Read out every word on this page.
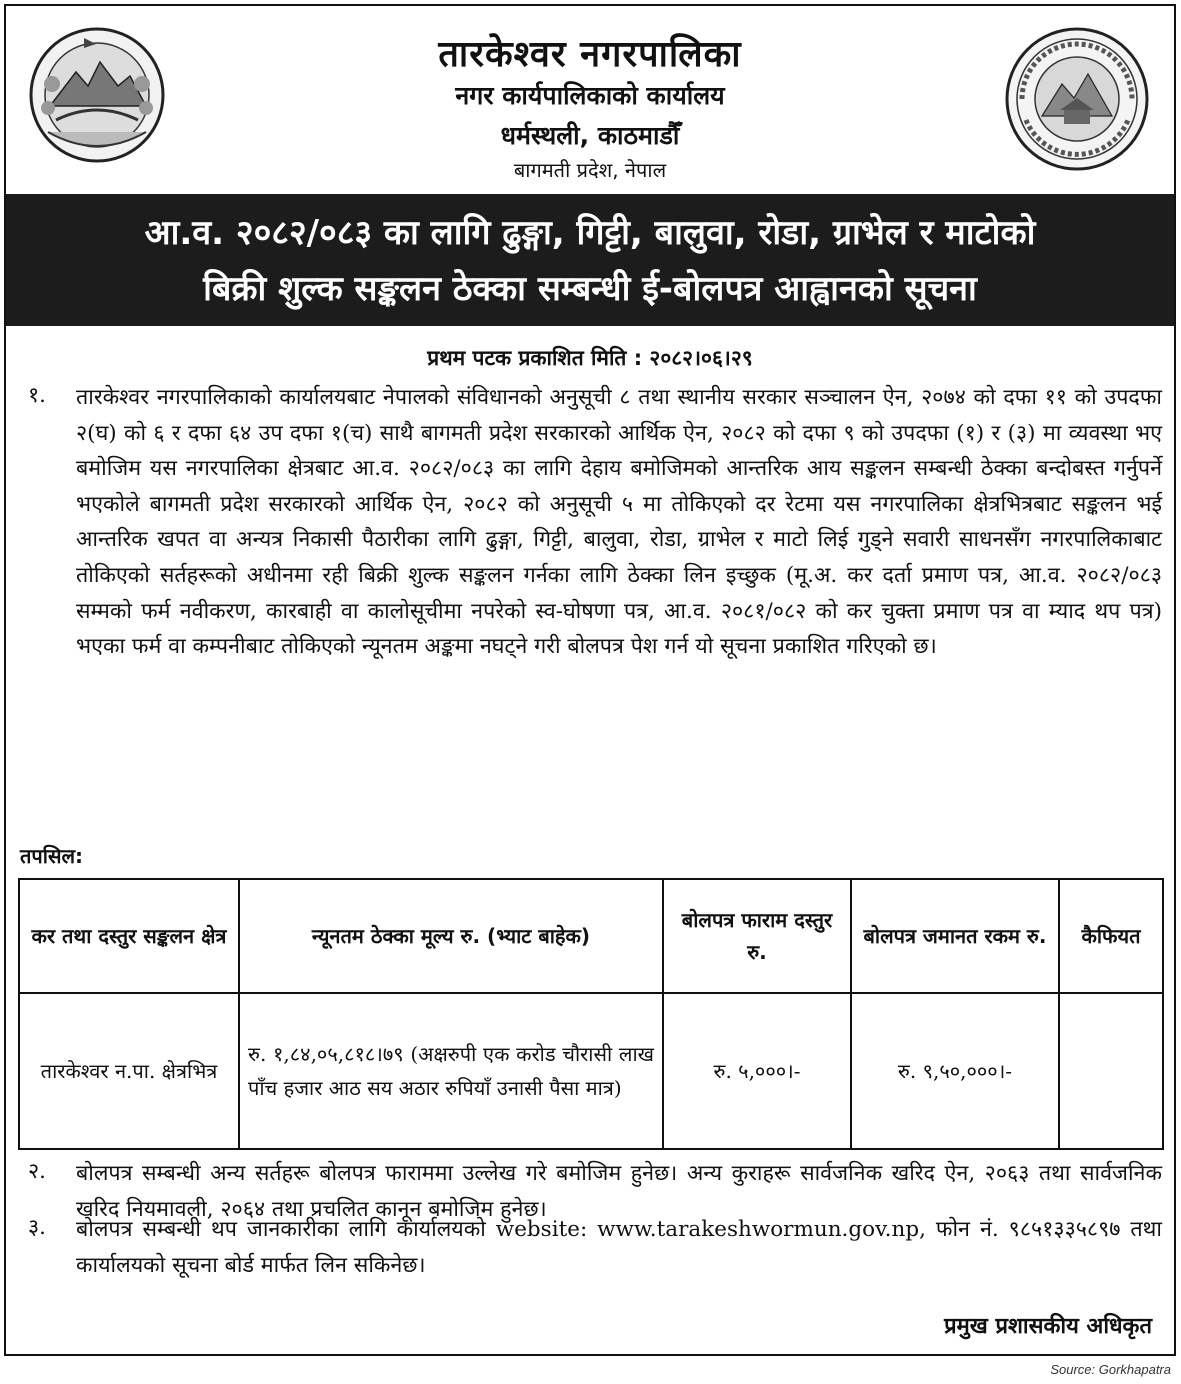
तारकेश्वर नगरपालिका

नगर कार्यपालिकाको कार्यालय

धर्मस्थली, काठमाडौँ

बागमती प्रदेश, नेपाल

आ.व. २०८२/०८३ का लागि ढुङ्गा, गिट्टी, बालुवा, रोडा, ग्राभेल र माटोको

बिक्री शुल्क सङ्कलन ठेक्का सम्बन्धी ई-बोलपत्र आह्वानको सूचना

प्रथम पटक प्रकाशित मिति : २०८२।०६।२९

१. तारकेश्वर नगरपालिकाको कार्यालयबाट नेपालको संविधानको अनुसूची ८ तथा स्थानीय सरकार सञ्चालन ऐन, २०७४ को दफा ११ को उपदफा २(घ) को ६ र दफा ६४ उप दफा १(च) साथै बागमती प्रदेश सरकारको आर्थिक ऐन, २०८२ को दफा ९ को उपदफा (१) र (३) मा व्यवस्था भए बमोजिम यस नगरपालिका क्षेत्रबाट आ.व. २०८२/०८३ का लागि देहाय बमोजिमको आन्तरिक आय सङ्कलन सम्बन्धी ठेक्का बन्दोबस्त गर्नुपर्ने भएकोले बागमती प्रदेश सरकारको आर्थिक ऐन, २०८२ को अनुसूची ५ मा तोकिएको दर रेटमा यस नगरपालिका क्षेत्रभित्रबाट सङ्कलन भई आन्तरिक खपत वा अन्यत्र निकासी पैठारीका लागि ढुङ्गा, गिट्टी, बालुवा, रोडा, ग्राभेल र माटो लिई गुड्ने सवारी साधनसँग नगरपालिकाबाट तोकिएको सर्तहरूको अधीनमा रही बिक्री शुल्क सङ्कलन गर्नका लागि ठेक्का लिन इच्छुक (मू.अ. कर दर्ता प्रमाण पत्र, आ.व. २०८२/०८३ सम्मको फर्म नवीकरण, कारबाही वा कालोसूचीमा नपरेको स्व-घोषणा पत्र, आ.व. २०८१/०८२ को कर चुक्ता प्रमाण पत्र वा म्याद थप पत्र) भएका फर्म वा कम्पनीबाट तोकिएको न्यूनतम अङ्कमा नघट्ने गरी बोलपत्र पेश गर्न यो सूचना प्रकाशित गरिएको छ।

तपसिल:

कर तथा दस्तुर सङ्कलन क्षेत्र	न्यूनतम ठेक्का मूल्य रु. (भ्याट बाहेक)	बोलपत्र फाराम दस्तुर रु.	बोलपत्र जमानत रकम रु.	कैफियत
तारकेश्वर न.पा. क्षेत्रभित्र	रु. १,८४,०५,८१८।७९ (अक्षरुपी एक करोड चौरासी लाख पाँच हजार आठ सय अठार रुपियाँ उनासी पैसा मात्र)	रु. ५,०००।-	रु. ९,५०,०००।-	
२. बोलपत्र सम्बन्धी अन्य सर्तहरू बोलपत्र फाराममा उल्लेख गरे बमोजिम हुनेछ। अन्य कुराहरू सार्वजनिक खरिद ऐन, २०६३ तथा सार्वजनिक खरिद नियमावली, २०६४ तथा प्रचलित कानून बमोजिम हुनेछ।
३. बोलपत्र सम्बन्धी थप जानकारीका लागि कार्यालयको website: www.tarakeshwormun.gov.np, फोन नं. ९८५१३३५८९७ तथा कार्यालयको सूचना बोर्ड मार्फत लिन सकिनेछ।

प्रमुख प्रशासकीय अधिकृत

Source: Gorkhapatra
